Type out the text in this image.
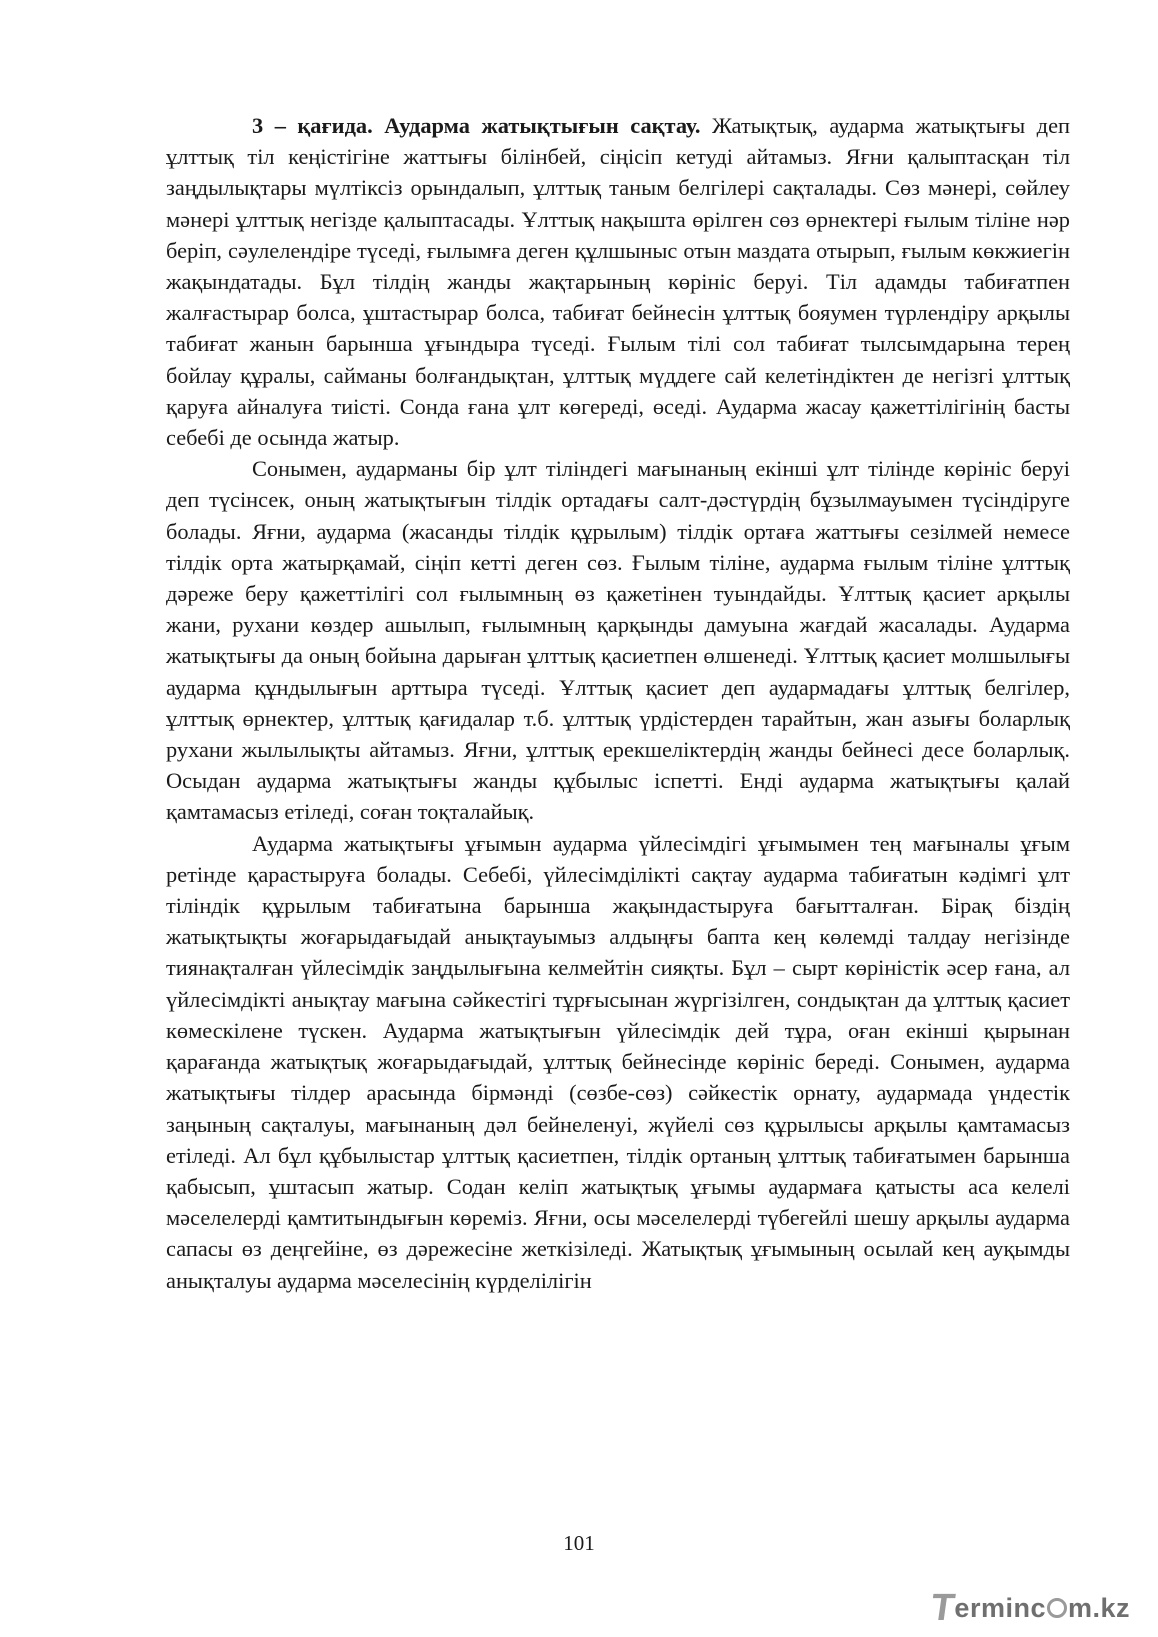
3 – қағида. Аударма жатықтығын сақтау. Жатықтық, аударма жатықтығы деп ұлттық тіл кеңістігіне жаттығы білінбей, сіңісіп кетуді айтамыз. Яғни қалыптасқан тіл заңдылықтары мүлтіксіз орындалып, ұлттық таным белгілері сақталады. Сөз мәнері, сөйлеу мәнері ұлттық негізде қалыптасады. Ұлттық нақышта өрілген сөз өрнектері ғылым тіліне нәр беріп, сәулелендіре түседі, ғылымға деген құлшыныс отын маздата отырып, ғылым көкжиегін жақындатады. Бұл тілдің жанды жақтарының көрініс беруі. Тіл адамды табиғатпен жалғастырар болса, ұштастырар болса, табиғат бейнесін ұлттық бояумен түрлендіру арқылы табиғат жанын барынша ұғындыра түседі. Ғылым тілі сол табиғат тылсымдарына терең бойлау құралы, сайманы болғандықтан, ұлттық мүддеге сай келетіндіктен де негізгі ұлттық қаруға айналуға тиісті. Сонда ғана ұлт көгереді, өседі. Аударма жасау қажеттілігінің басты себебі де осында жатыр.

Сонымен, аударманы бір ұлт тіліндегі мағынаның екінші ұлт тілінде көрініс беруі деп түсінсек, оның жатықтығын тілдік ортадағы салт-дәстүрдің бұзылмауымен түсіндіруге болады. Яғни, аударма (жасанды тілдік құрылым) тілдік ортаға жаттығы сезілмей немесе тілдік орта жатырқамай, сіңіп кетті деген сөз. Ғылым тіліне, аударма ғылым тіліне ұлттық дәреже беру қажеттілігі сол ғылымның өз қажетінен туындайды. Ұлттық қасиет арқылы жани, рухани көздер ашылып, ғылымның қарқынды дамуына жағдай жасалады. Аударма жатықтығы да оның бойына дарыған ұлттық қасиетпен өлшенеді. Ұлттық қасиет молшылығы аударма құндылығын арттыра түседі. Ұлттық қасиет деп аудармадағы ұлттық белгілер, ұлттық өрнектер, ұлттық қағидалар т.б. ұлттық үрдістерден тарайтын, жан азығы боларлық рухани жылылықты айтамыз. Яғни, ұлттық ерекшеліктердің жанды бейнесі десе боларлық. Осыдан аударма жатықтығы жанды құбылыс іспетті. Енді аударма жатықтығы қалай қамтамасыз етіледі, соған тоқталайық.

Аударма жатықтығы ұғымын аударма үйлесімдігі ұғымымен тең мағыналы ұғым ретінде қарастыруға болады. Себебі, үйлесімділікті сақтау аударма табиғатын кәдімгі ұлт тіліндік құрылым табиғатына барынша жақындастыруға бағытталған. Бірақ біздің жатықтықты жоғарыдағыдай анықтауымыз алдыңғы бапта кең көлемді талдау негізінде тиянақталған үйлесімдік заңдылығына келмейтін сияқты. Бұл – сырт көріністік әсер ғана, ал үйлесімдікті анықтау мағына сәйкестігі тұрғысынан жүргізілген, сондықтан да ұлттық қасиет көмескілене түскен. Аударма жатықтығын үйлесімдік дей тұра, оған екінші қырынан қарағанда жатықтық жоғарыдағыдай, ұлттық бейнесінде көрініс береді. Сонымен, аударма жатықтығы тілдер арасында бірмәнді (сөзбе-сөз) сәйкестік орнату, аудармада үндестік заңының сақталуы, мағынаның дәл бейнеленуі, жүйелі сөз құрылысы арқылы қамтамасыз етіледі. Ал бұл құбылыстар ұлттық қасиетпен, тілдік ортаның ұлттық табиғатымен барынша қабысып, ұштасып жатыр. Содан келіп жатықтық ұғымы аудармаға қатысты аса келелі мәселелерді қамтитындығын көреміз. Яғни, осы мәселелерді түбегейлі шешу арқылы аударма сапасы өз деңгейіне, өз дәрежесіне жеткізіледі. Жатықтық ұғымының осылай кең ауқымды анықталуы аударма мәселесінің күрделілігін

101
T
erminc m.kz
